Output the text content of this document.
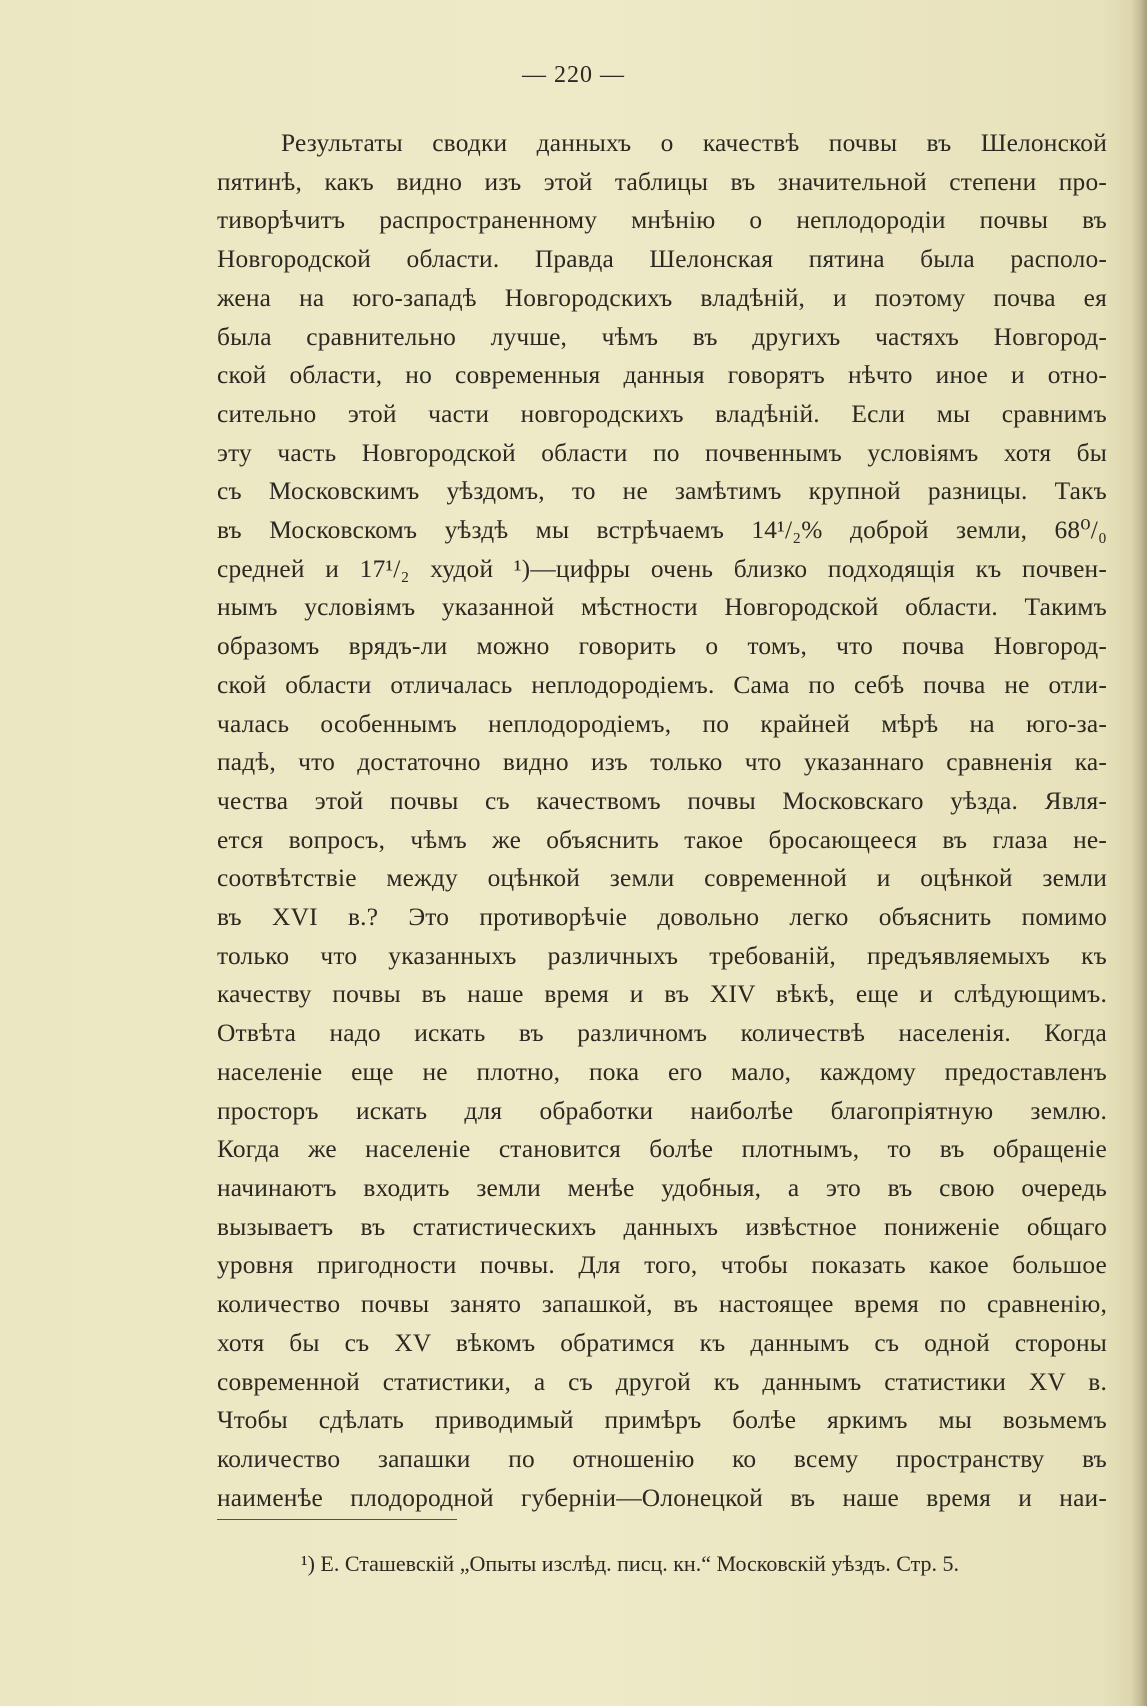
— 220 —
Результаты сводки данныхъ о качествѣ почвы въ Шелонской
пятинѣ, какъ видно изъ этой таблицы въ значительной степени про-
тиворѣчитъ распространенному мнѣнію о неплодородіи почвы въ
Новгородской области. Правда Шелонская пятина была располо-
жена на юго-западѣ Новгородскихъ владѣній, и поэтому почва ея
была сравнительно лучше, чѣмъ въ другихъ частяхъ Новгород-
ской области, но современныя данныя говорятъ нѣчто иное и отно-
сительно этой части новгородскихъ владѣній. Если мы сравнимъ
эту часть Новгородской области по почвеннымъ условіямъ хотя бы
съ Московскимъ уѣздомъ, то не замѣтимъ крупной разницы. Такъ
въ Московскомъ уѣздѣ мы встрѣчаемъ 14¹/₂% доброй земли, 68⁰/₀
средней и 17¹/₂ худой ¹)—цифры очень близко подходящія къ почвен-
нымъ условіямъ указанной мѣстности Новгородской области. Такимъ
образомъ врядъ-ли можно говорить о томъ, что почва Новгород-
ской области отличалась неплодородіемъ. Сама по себѣ почва не отли-
чалась особеннымъ неплодородіемъ, по крайней мѣрѣ на юго-за-
падѣ, что достаточно видно изъ только что указаннаго сравненія ка-
чества этой почвы съ качествомъ почвы Московскаго уѣзда. Явля-
ется вопросъ, чѣмъ же объяснить такое бросающееся въ глаза не-
соотвѣтствіе между оцѣнкой земли современной и оцѣнкой земли
въ XVI в.? Это противорѣчіе довольно легко объяснить помимо
только что указанныхъ различныхъ требованій, предъявляемыхъ къ
качеству почвы въ наше время и въ XIV вѣкѣ, еще и слѣдующимъ.
Отвѣта надо искать въ различномъ количествѣ населенія. Когда
населеніе еще не плотно, пока его мало, каждому предоставленъ
просторъ искать для обработки наиболѣе благопріятную землю.
Когда же населеніе становится болѣе плотнымъ, то въ обращеніе
начинаютъ входить земли менѣе удобныя, а это въ свою очередь
вызываетъ въ статистическихъ данныхъ извѣстное пониженіе общаго
уровня пригодности почвы. Для того, чтобы показать какое большое
количество почвы занято запашкой, въ настоящее время по сравненію,
хотя бы съ XV вѣкомъ обратимся къ даннымъ съ одной стороны
современной статистики, а съ другой къ даннымъ статистики XV в.
Чтобы сдѣлать приводимый примѣръ болѣе яркимъ мы возьмемъ
количество запашки по отношенію ко всему пространству въ
наименѣе плодородной губерніи—Олонецкой въ наше время и наи-
¹) Е. Сташевскій „Опыты изслѣд. писц. кн.“ Московскій уѣздъ. Стр. 5.
